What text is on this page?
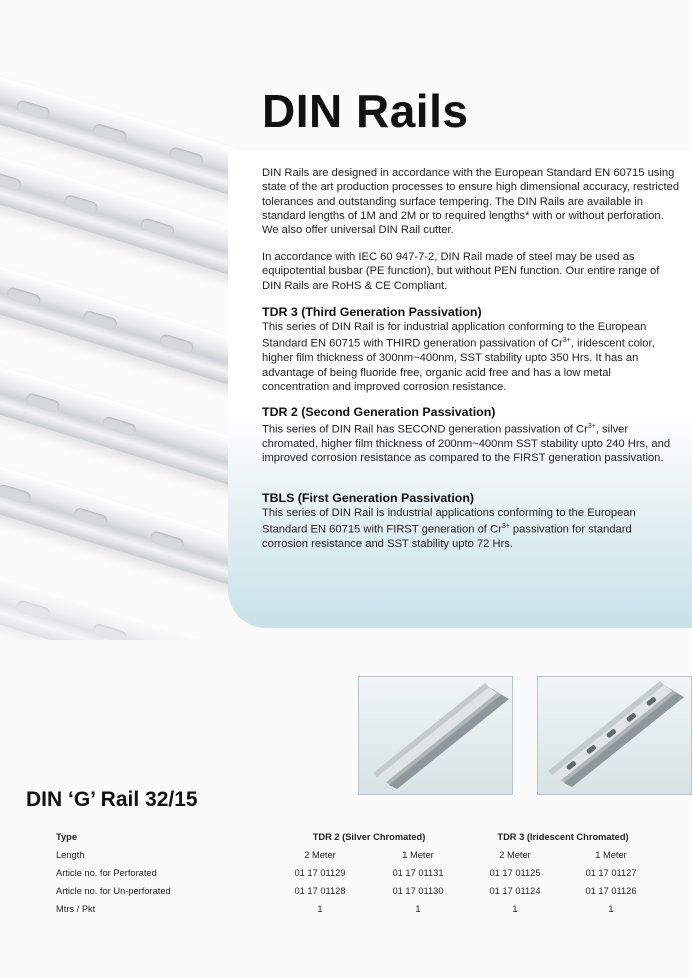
DIN Rails

DIN Rails are designed in accordance with the European Standard EN 60715 using state of the art production processes to ensure high dimensional accuracy, restricted tolerances and outstanding surface tempering. The DIN Rails are available in standard lengths of 1M and 2M or to required lengths* with or without perforation. We also offer universal DIN Rail cutter.

In accordance with IEC 60 947-7-2, DIN Rail made of steel may be used as equipotential busbar (PE function), but without PEN function. Our entire range of DIN Rails are RoHS & CE Compliant.

TDR 3 (Third Generation Passivation)

This series of DIN Rail is for industrial application conforming to the European Standard EN 60715 with THIRD generation passivation of $Cr^{3+}$, iridescent color, higher film thickness of 300nm~400nm, SST stability upto 350 Hrs. It has an advantage of being fluoride free, organic acid free and has a low metal concentration and improved corrosion resistance.

TDR 2 (Second Generation Passivation)

This series of DIN Rail has SECOND generation passivation of $Cr^{3+}$, silver chromated, higher film thickness of 200nm~400nm SST stability upto 240 Hrs, and improved corrosion resistance as compared to the FIRST generation passivation.

TBLS (First Generation Passivation)

This series of DIN Rail is industrial applications conforming to the European Standard EN 60715 with FIRST generation of $Cr^{3+}$ passivation for standard corrosion resistance and SST stability upto 72 Hrs.

DIN ‘G’ Rail 32/15
Type	TDR 2 (Silver Chromated)		TDR 3 (Iridescent Chromated)	
Length	2 Meter	1 Meter	2 Meter	1 Meter
Article no. for Perforated	01 17 01129	01 17 01131	01 17 01125	01 17 01127
Article no. for Un-perforated	01 17 01128	01 17 01130	01 17 01124	01 17 01126
Mtrs / Pkt	1	1	1	1
